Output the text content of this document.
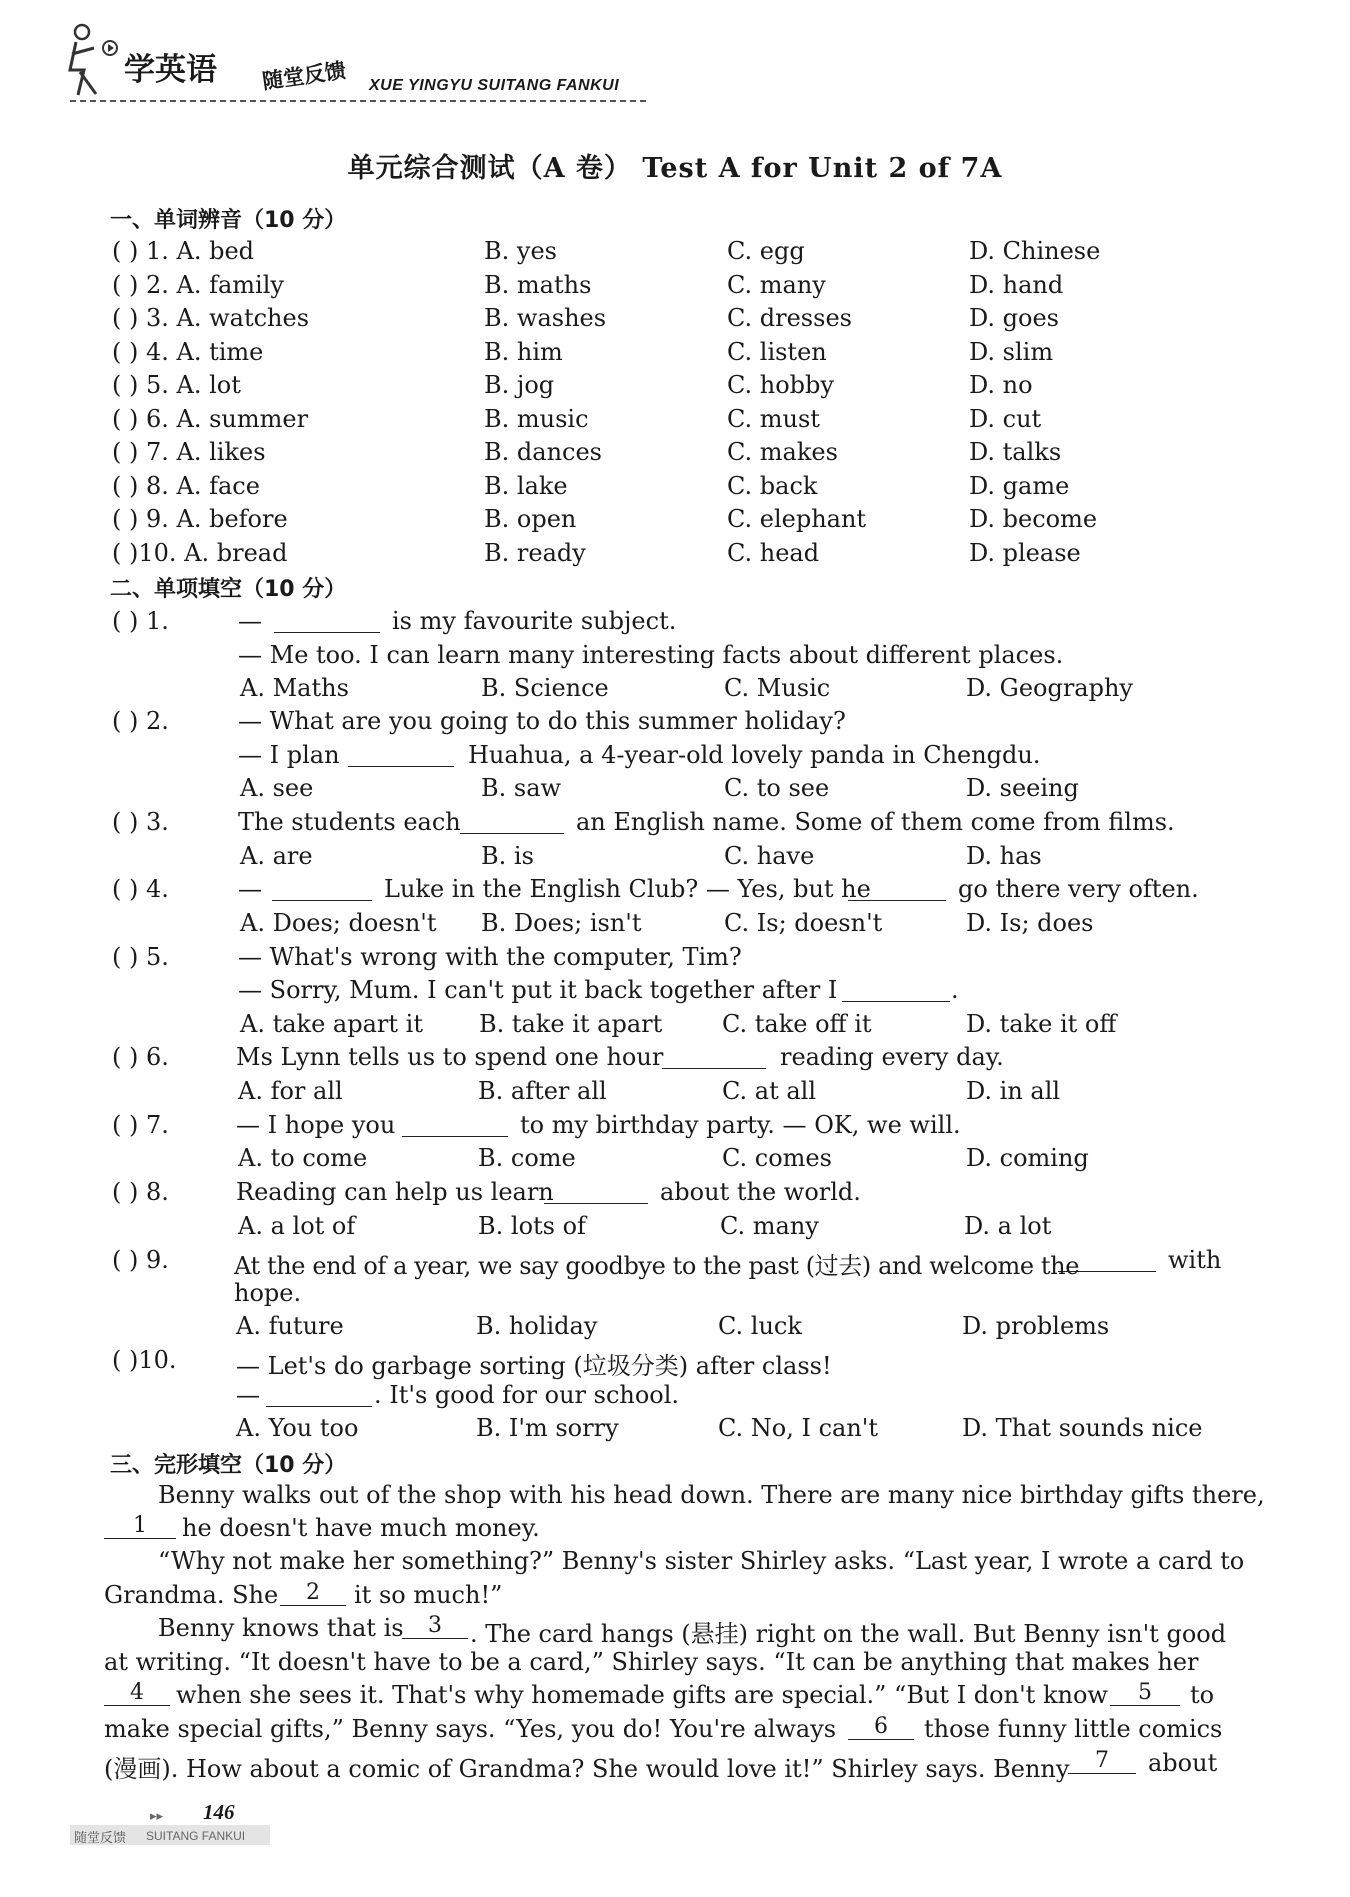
学英语 随堂反馈 XUE YINGYU SUITANG FANKUI
单元综合测试（A 卷） Test A for Unit 2 of 7A
一、单词辨音（10 分）
( ) 1. A. bed	B. yes	C. egg	D. Chinese
( ) 2. A. family	B. maths	C. many	D. hand
( ) 3. A. watches	B. washes	C. dresses	D. goes
( ) 4. A. time	B. him	C. listen	D. slim
( ) 5. A. lot	B. jog	C. hobby	D. no
( ) 6. A. summer	B. music	C. must	D. cut
( ) 7. A. likes	B. dances	C. makes	D. talks
( ) 8. A. face	B. lake	C. back	D. game
( ) 9. A. before	B. open	C. elephant	D. become
( )10. A. bread	B. ready	C. head	D. please
二、单项填空（10 分）
( ) 1.	—	is my favourite subject.
— Me too. I can learn many interesting facts about different places.
A. Maths	B. Science	C. Music	D. Geography
( ) 2.	— What are you going to do this summer holiday?
— I plan	Huahua, a 4-year-old lovely panda in Chengdu.
A. see	B. saw	C. to see	D. seeing
( ) 3.	The students each	an English name. Some of them come from films.
A. are	B. is	C. have	D. has
( ) 4.	—	Luke in the English Club? — Yes, but he	go there very often.
A. Does; doesn't B. Does; isn't	C. Is; doesn't	D. Is; does
( ) 5.	— What's wrong with the computer, Tim?
— Sorry, Mum. I can't put it back together after I	.
A. take apart it B. take it apart C. take off it	D. take it off
( ) 6.	Ms Lynn tells us to spend one hour	reading every day.
A. for all	B. after all	C. at all	D. in all
( ) 7.	— I hope you	to my birthday party. — OK, we will.
A. to come	B. come	C. comes	D. coming
( ) 8.	Reading can help us learn	about the world.
A. a lot of	B. lots of	C. many	D. a lot
( ) 9.	At the end of a year, we say goodbye to the past (过去) and welcome the	with
hope.
A. future	B. holiday	C. luck	D. problems
( )10. — Let's do garbage sorting (垃圾分类) after class!
—	. It's good for our school.
A. You too	B. I'm sorry	C. No, I can't	D. That sounds nice
三、完形填空（10 分）
Benny walks out of the shop with his head down. There are many nice birthday gifts there,
1	he doesn't have much money.
“Why not make her something?” Benny's sister Shirley asks. “Last year, I wrote a card to
Grandma. She	2	it so much!”
Benny knows that is	3	. The card hangs (悬挂) right on the wall. But Benny isn't good
at writing. “It doesn't have to be a card,” Shirley says. “It can be anything that makes her
4	when she sees it. That's why homemade gifts are special.” “But I don't know	5	to
make special gifts,” Benny says. “Yes, you do! You're always	6	those funny little comics
(漫画). How about a comic of Grandma? She would love it!” Shirley says. Benny	7	about
▸▸ 146
随堂反馈 SUITANG FANKUI
